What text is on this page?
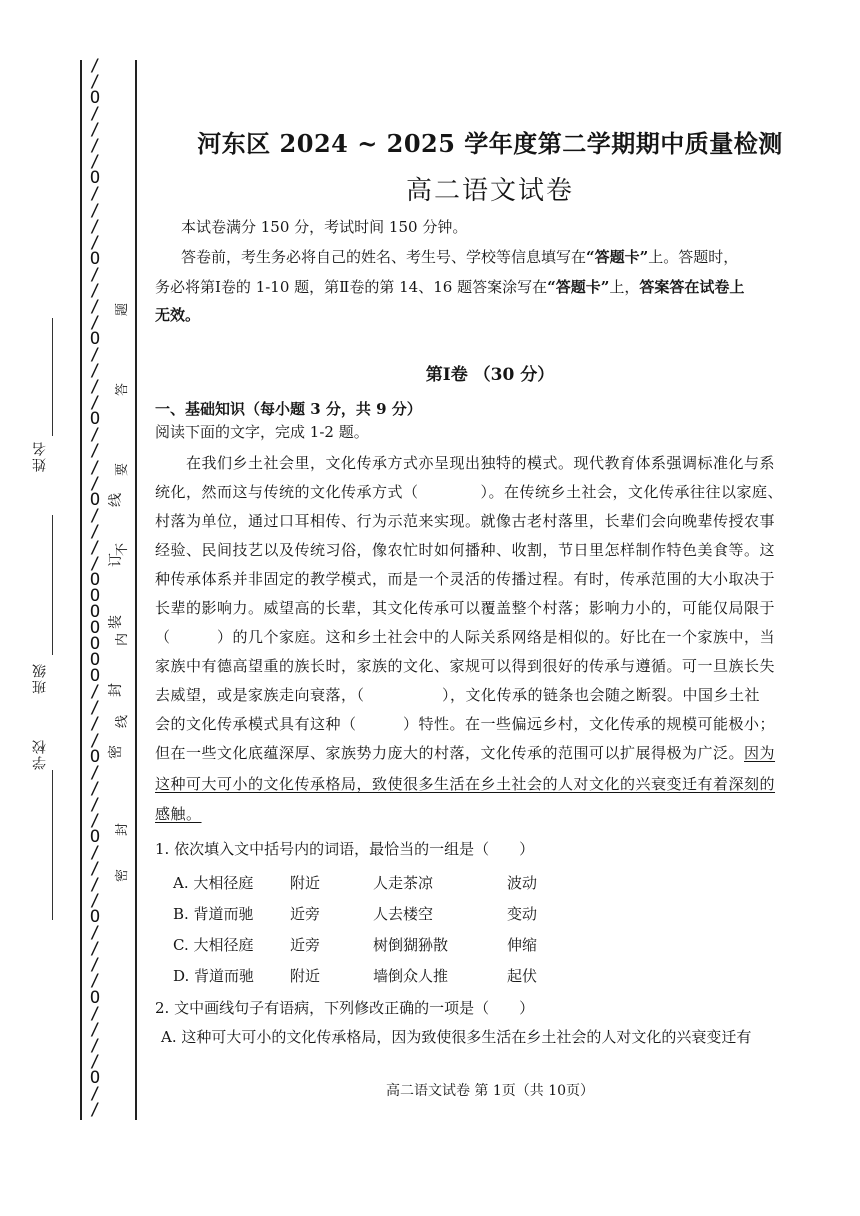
/
/
O
/
/
/
/
O
/
/
/
/
O
/
/
/
/
O
/
/
/
/
O
/
/
/
/
O
/
/
/
/
O
O
O
O
O
O
O
/
/
/
/
O
/
/
/
/
O
/
/
/
/
O
/
/
/
/
O
/
/
/
/
O
/
/
线
订
装
封
密
题
答
要
不
内
线
封
密
姓名
班级
学校
河东区 2024 ~ 2025 学年度第二学期期中质量检测
高二语文试卷
本试卷满分 150 分，考试时间 150 分钟。
答卷前，考生务必将自己的姓名、考生号、学校等信息填写在“答题卡”上。答题时，
务必将第Ⅰ卷的 1-10 题，第Ⅱ卷的第 14、16 题答案涂写在“答题卡”上，答案答在试卷上
无效。
第Ⅰ卷 （30 分）
一、基础知识（每小题 3 分，共 9 分）
阅读下面的文字，完成 1-2 题。
　　在我们乡土社会里，文化传承方式亦呈现出独特的模式。现代教育体系强调标准化与系
统化，然而这与传统的文化传承方式（　　　　）。在传统乡土社会，文化传承往往以家庭、
村落为单位，通过口耳相传、行为示范来实现。就像古老村落里，长辈们会向晚辈传授农事
经验、民间技艺以及传统习俗，像农忙时如何播种、收割，节日里怎样制作特色美食等。这
种传承体系并非固定的教学模式，而是一个灵活的传播过程。有时，传承范围的大小取决于
长辈的影响力。威望高的长辈，其文化传承可以覆盖整个村落；影响力小的，可能仅局限于
（　　　）的几个家庭。这和乡土社会中的人际关系网络是相似的。好比在一个家族中，当
家族中有德高望重的族长时，家族的文化、家规可以得到很好的传承与遵循。可一旦族长失
去威望，或是家族走向衰落，（　　　　　），文化传承的链条也会随之断裂。中国乡土社
会的文化传承模式具有这种（　　　）特性。在一些偏远乡村，文化传承的规模可能极小；
但在一些文化底蕴深厚、家族势力庞大的村落，文化传承的范围可以扩展得极为广泛。因为
这种可大可小的文化传承格局，致使很多生活在乡土社会的人对文化的兴衰变迁有着深刻的
感触。
1. 依次填入文中括号内的词语，最恰当的一组是（　　）
A. 大相径庭 附近	人走茶凉	波动
B. 背道而驰 近旁	人去楼空	变动
C. 大相径庭 近旁	树倒猢狲散	伸缩
D. 背道而驰 附近	墙倒众人推	起伏
2. 文中画线句子有语病，下列修改正确的一项是（　　）
A. 这种可大可小的文化传承格局，因为致使很多生活在乡土社会的人对文化的兴衰变迁有
高二语文试卷 第 1页（共 10页）
